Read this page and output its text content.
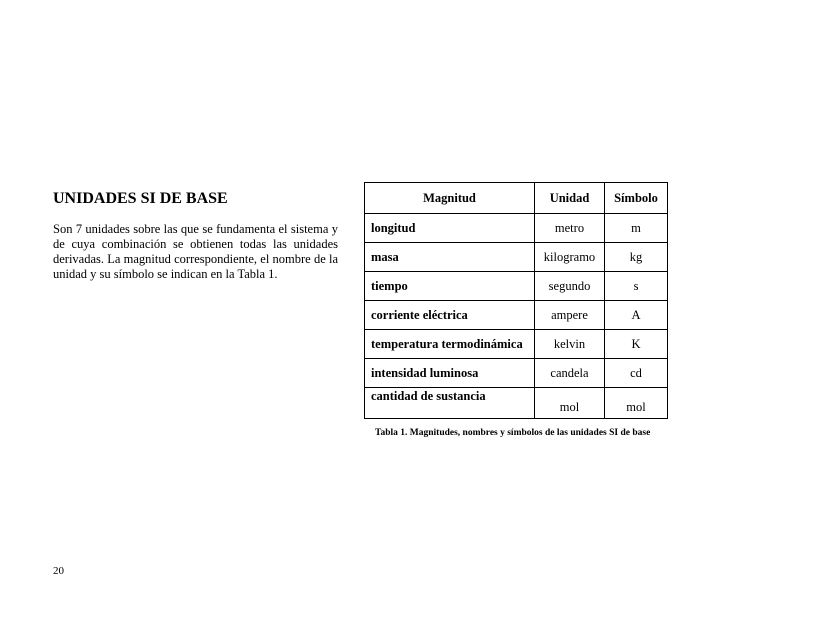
UNIDADES SI DE BASE

Son 7 unidades sobre las que se fundamenta el sistema y de cuya combinación se obtienen todas las unidades derivadas. La magnitud correspondiente, el nombre de la unidad y su símbolo se indican en la Tabla 1.

Magnitud	Unidad	Símbolo
longitud	metro	m
masa	kilogramo	kg
tiempo	segundo	s
corriente eléctrica	ampere	A
temperatura termodinámica	kelvin	K
intensidad luminosa	candela	cd
cantidad de sustancia	mol	mol

Tabla 1. Magnitudes, nombres y símbolos de las unidades SI de base

20
